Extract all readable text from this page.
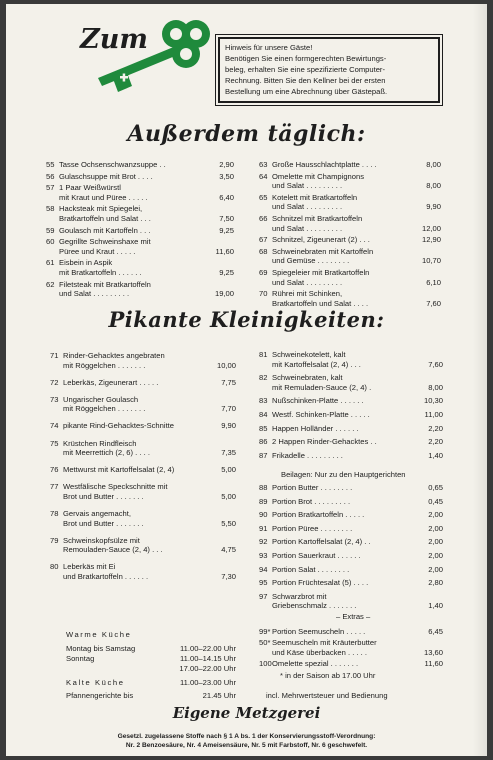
Zum	Hinweis für unsere Gäste!
Benötigen Sie einen formgerechten Bewirtungs-
beleg, erhalten Sie eine spezifizierte Computer-
Rechnung. Bitten Sie den Kellner bei der ersten
Bestellung um eine Abrechnung über Gästepaß.
Außerdem täglich:
55 Tasse Ochsenschwanzsuppe . .	2,90
56 Gulaschsuppe mit Brot . . . .	3,50
57 1 Paar Weißwürstl
mit Kraut und Püree . . . . .	6,40
58 Hacksteak mit Spiegelei,
Bratkartoffeln und Salat . . .	7,50
59 Goulasch mit Kartoffeln . . .	9,25
60 Gegrillte Schweinshaxe mit
Püree und Kraut . . . . .	11,60
61 Eisbein in Aspik
mit Bratkartoffeln . . . . . .	9,25
62 Filetsteak mit Bratkartoffeln
und Salat . . . . . . . . .	19,00
63 Große Hausschlachtplatte . . . .	8,00
64 Omelette mit Champignons
und Salat . . . . . . . . .	8,00
65 Kotelett mit Bratkartoffeln
und Salat . . . . . . . . .	9,90
66 Schnitzel mit Bratkartoffeln
und Salat . . . . . . . . .	12,00
67 Schnitzel, Zigeunerart (2) . . .	12,90
68 Schweinebraten mit Kartoffeln
und Gemüse . . . . . . . .	10,70
69 Spiegeleier mit Bratkartoffeln
und Salat . . . . . . . . .	6,10
70 Rührei mit Schinken,
Bratkartoffeln und Salat . . . .	7,60
Pikante Kleinigkeiten:
71 Rinder-Gehacktes angebraten
mit Röggelchen . . . . . . .	10,00
72 Leberkäs, Zigeunerart . . . . .	7,75
73 Ungarischer Goulasch
mit Röggelchen . . . . . . .	7,70
74 pikante Rind-Gehacktes-Schnitte	9,90
75 Krüstchen Rindfleisch
mit Meerrettich (2, 6) . . . .	7,35
76 Mettwurst mit Kartoffelsalat (2, 4)	5,00
77 Westfälische Speckschnitte mit
Brot und Butter . . . . . . .	5,00
78 Gervais angemacht,
Brot und Butter . . . . . . .	5,50
79 Schweinskopfsülze mit
Remouladen-Sauce (2, 4) . . .	4,75
80 Leberkäs mit Ei
und Bratkartoffeln . . . . . .	7,30
81 Schweinekotelett, kalt
mit Kartoffelsalat (2, 4) . . .	7,60
82 Schweinebraten, kalt
mit Remuladen-Sauce (2, 4) .	8,00
83 Nußschinken-Platte . . . . . .	10,30
84 Westf. Schinken-Platte . . . . .	11,00
85 Happen Holländer . . . . . .	2,20
86 2 Happen Rinder-Gehacktes . .	2,20
87 Frikadelle . . . . . . . . .	1,40
Beilagen: Nur zu den Hauptgerichten
88 Portion Butter . . . . . . . .	0,65
89 Portion Brot . . . . . . . . .	0,45
90 Portion Bratkartoffeln . . . . .	2,00
91 Portion Püree . . . . . . . .	2,00
92 Portion Kartoffelsalat (2, 4) . .	2,00
93 Portion Sauerkraut . . . . . .	2,00
94 Portion Salat . . . . . . . .	2,00
95 Portion Früchtesalat (5) . . . .	2,80
97 Schwarzbrot mit
Griebenschmalz . . . . . . .	1,40
– Extras –
99* Portion Seemuscheln . . . . .	6,45
50* Seemuscheln mit Kräuterbutter
und Käse überbacken . . . . .	13,60
100 Omelette spezial . . . . . . .	11,60
* in der Saison ab 17.00 Uhr
incl. Mehrwertsteuer und Bedienung
Warme Küche
Montag bis Samstag	11.00–22.00 Uhr
Sonntag	11.00–14.15 Uhr
17.00–22.00 Uhr
Kalte Küche	11.00–23.00 Uhr
Pfannengerichte bis	21.45 Uhr
Eigene Metzgerei
Gesetzl. zugelassene Stoffe nach § 1 A bs. 1 der Konservierungsstoff-Verordnung:
Nr. 2 Benzoesäure, Nr. 4 Ameisensäure, Nr. 5 mit Farbstoff, Nr. 6 geschwefelt.
